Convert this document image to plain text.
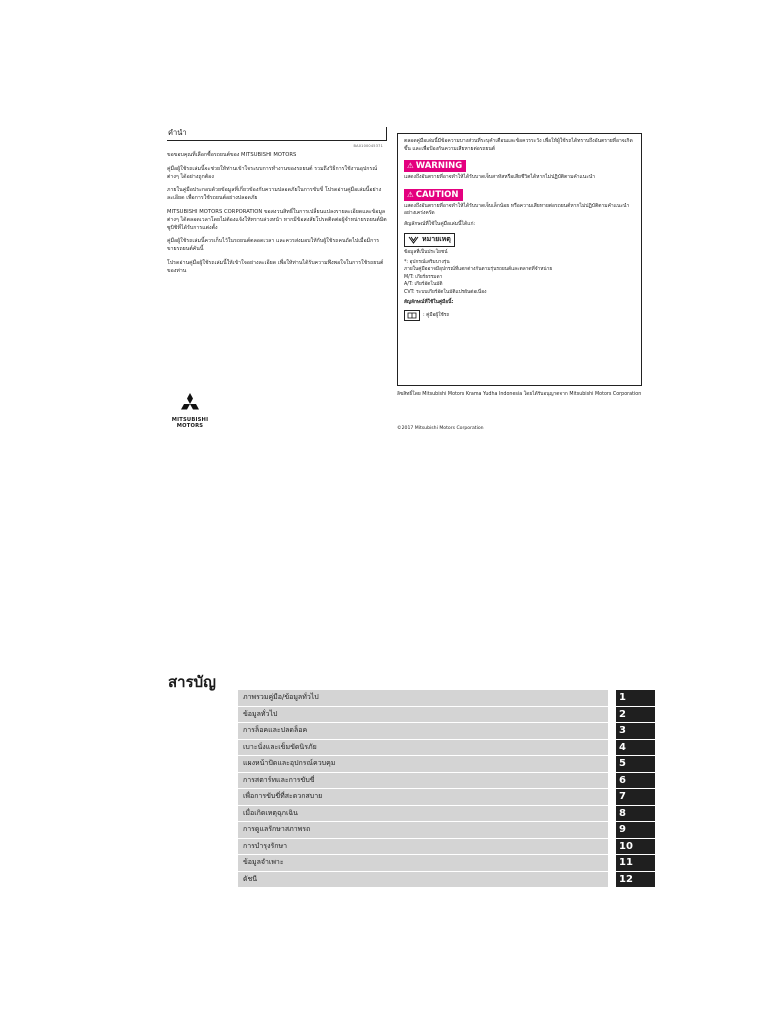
คำนำ
BA0100045371

ขอขอบคุณที่เลือกซื้อรถยนต์ของ MITSUBISHI MOTORS

คู่มือผู้ใช้รถเล่มนี้จะช่วยให้ท่านเข้าใจระบบการทำงานของรถยนต์ รวมถึงวิธีการใช้งานอุปกรณ์ต่างๆ ได้อย่างถูกต้อง

ภายในคู่มือประกอบด้วยข้อมูลที่เกี่ยวข้องกับความปลอดภัยในการขับขี่ โปรดอ่านคู่มือเล่มนี้อย่างละเอียด เพื่อการใช้รถยนต์อย่างปลอดภัย

MITSUBISHI MOTORS CORPORATION ขอสงวนสิทธิ์ในการเปลี่ยนแปลงรายละเอียดและข้อมูลต่างๆ ได้ตลอดเวลาโดยไม่ต้องแจ้งให้ทราบล่วงหน้า หากมีข้อสงสัยโปรดติดต่อผู้จำหน่ายรถยนต์มิตซูบิชิที่ได้รับการแต่งตั้ง

คู่มือผู้ใช้รถเล่มนี้ควรเก็บไว้ในรถยนต์ตลอดเวลา และควรส่งมอบให้กับผู้ใช้รถคนถัดไปเมื่อมีการขายรถยนต์คันนี้

โปรดอ่านคู่มือผู้ใช้รถเล่มนี้ให้เข้าใจอย่างละเอียด เพื่อให้ท่านได้รับความพึงพอใจในการใช้รถยนต์ของท่าน

MITSUBISHI
MOTORS

ตลอดคู่มือเล่มนี้มีข้อความบางส่วนที่ระบุคำเตือนและข้อควรระวัง เพื่อให้ผู้ใช้รถได้ทราบถึงอันตรายที่อาจเกิดขึ้น และเพื่อป้องกันความเสียหายต่อรถยนต์

⚠ WARNING

แสดงถึงอันตรายที่อาจทำให้ได้รับบาดเจ็บสาหัสหรือเสียชีวิตได้หากไม่ปฏิบัติตามคำแนะนำ

⚠ CAUTION

แสดงถึงอันตรายที่อาจทำให้ได้รับบาดเจ็บเล็กน้อย หรือความเสียหายต่อรถยนต์หากไม่ปฏิบัติตามคำแนะนำอย่างเคร่งครัด

สัญลักษณ์ที่ใช้ในคู่มือเล่มนี้ได้แก่:

หมายเหตุ

ข้อมูลที่เป็นประโยชน์

*: อุปกรณ์เสริมบางรุ่น

ภายในคู่มืออาจมีอุปกรณ์ที่แตกต่างกันตามรุ่นรถยนต์และตลาดที่จำหน่าย

M/T: เกียร์ธรรมดา

A/T: เกียร์อัตโนมัติ

CVT: ระบบเกียร์อัตโนมัติแปรผันต่อเนื่อง

สัญลักษณ์ที่ใช้ในคู่มือนี้:

: คู่มือผู้ใช้รถ

ลิขสิทธิ์โดย Mitsubishi Motors Krama Yudha Indonesia โดยได้รับอนุญาตจาก Mitsubishi Motors Corporation

©2017 Mitsubishi Motors Corporation
สารบัญ
ภาพรวมคู่มือ/ข้อมูลทั่วไป	1
ข้อมูลทั่วไป	2
การล็อคและปลดล็อค	3
เบาะนั่งและเข็มขัดนิรภัย	4
แผงหน้าปัดและอุปกรณ์ควบคุม	5
การสตาร์ทและการขับขี่	6
เพื่อการขับขี่ที่สะดวกสบาย	7
เมื่อเกิดเหตุฉุกเฉิน	8
การดูแลรักษาสภาพรถ	9
การบำรุงรักษา	10
ข้อมูลจำเพาะ	11
ดัชนี	12
